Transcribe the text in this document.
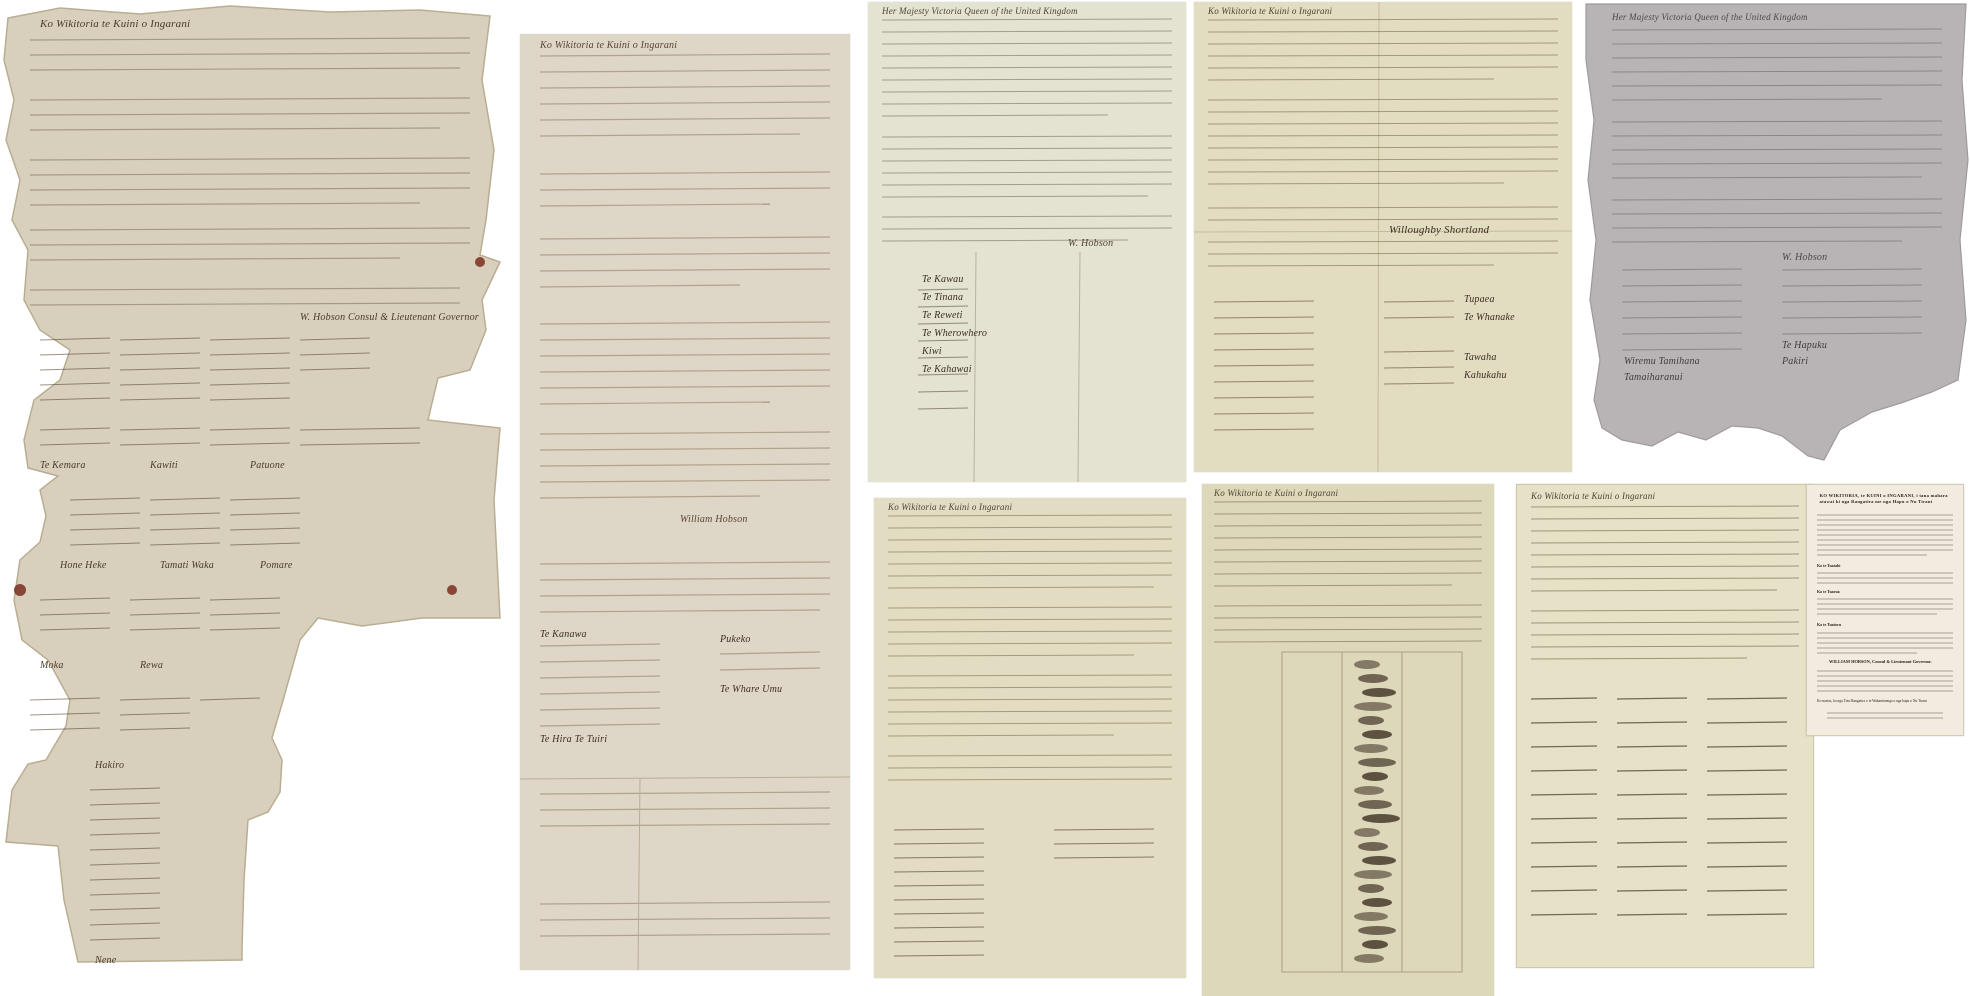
Ko Wikitoria te Kuini o Ingarani
W. Hobson Consul & Lieutenant Governor
Te Kemara	Kawiti	Patuone
Hone Heke	Tamati Waka	Pomare
Moka	Rewa
Hakiro
Nene
Ko Wikitoria te Kuini o Ingarani
William Hobson
Te Kanawa
Te Hira Te Tuiri
Pukeko
Te Whare Umu
Her Majesty Victoria Queen of the United Kingdom
W. Hobson
Te Kawau
Te Tinana
Te Reweti
Te Wherowhero
Kiwi
Te Kahawai
Ko Wikitoria te Kuini o Ingarani
Willoughby Shortland
Tupaea
Te Whanake
Tawaha
Kahukahu
Her Majesty Victoria Queen of the United Kingdom
W. Hobson
Wiremu Tamihana
Te Hapuku
Tamaiharanui
Pakiri
Ko Wikitoria te Kuini o Ingarani
Ko Wikitoria te Kuini o Ingarani	Ko Wikitoria te Kuini o Ingarani	KO WIKITORIA, te KUINI o INGARANI, i tana mahara atawai ki nga Rangatira me nga Hapu o Nu Tirani
Ko te Tuatahi
Ko te Tuarua
Ko te Tuatoru
WILLIAM HOBSON, Consul & Lieutenant Governor.
Ko matou, ko nga Tino Rangatira o te Wakaminenga o nga hapu o Nu Tirani
